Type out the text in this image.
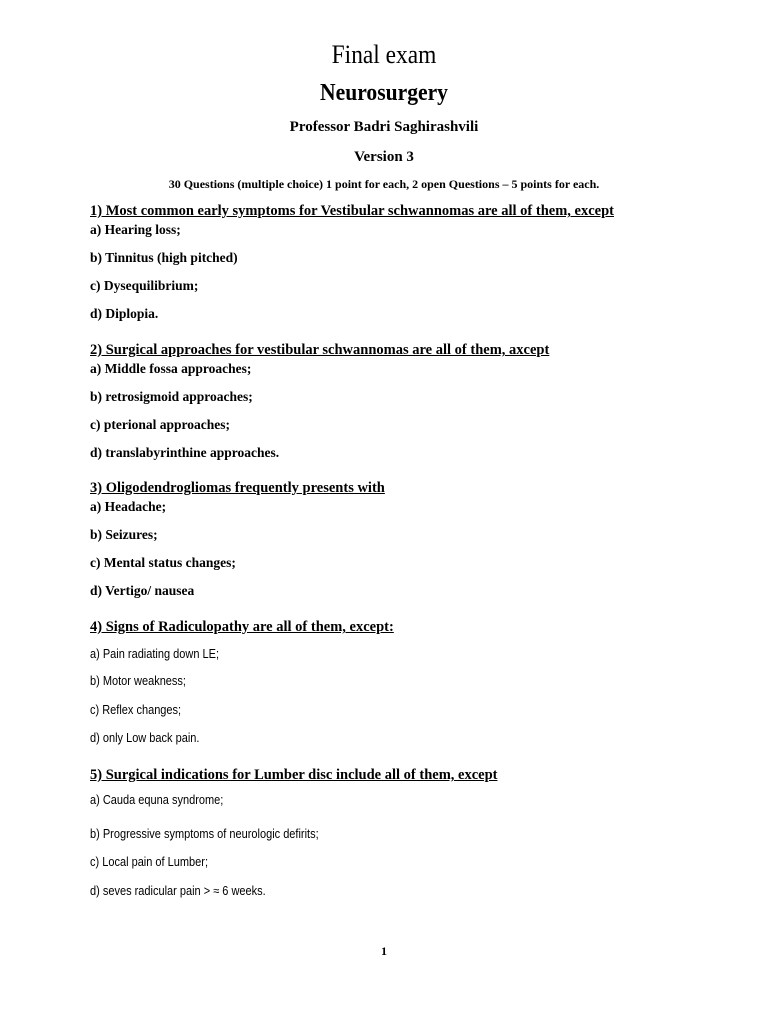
Final exam
Neurosurgery
Professor Badri Saghirashvili
Version 3
30 Questions (multiple choice) 1 point for each, 2 open Questions – 5 points for each.
1) Most common early symptoms for Vestibular schwannomas are all of them, except
a) Hearing loss;
b) Tinnitus (high pitched)
c) Dysequilibrium;
d) Diplopia.
2) Surgical approaches for vestibular schwannomas are all of them, axcept
a) Middle fossa approaches;
b) retrosigmoid approaches;
c) pterional approaches;
d) translabyrinthine approaches.
3) Oligodendrogliomas frequently presents with
a) Headache;
b) Seizures;
c) Mental status changes;
d) Vertigo/ nausea
4) Signs of Radiculopathy are all of them, except:
a) Pain radiating down LE;
b) Motor weakness;
c) Reflex changes;
d) only Low back pain.
5) Surgical indications for Lumber disc include all of them, except
a) Cauda equna syndrome;
b) Progressive symptoms of neurologic defirits;
c) Local pain of Lumber;
d) seves radicular pain > ≈ 6 weeks.
1
